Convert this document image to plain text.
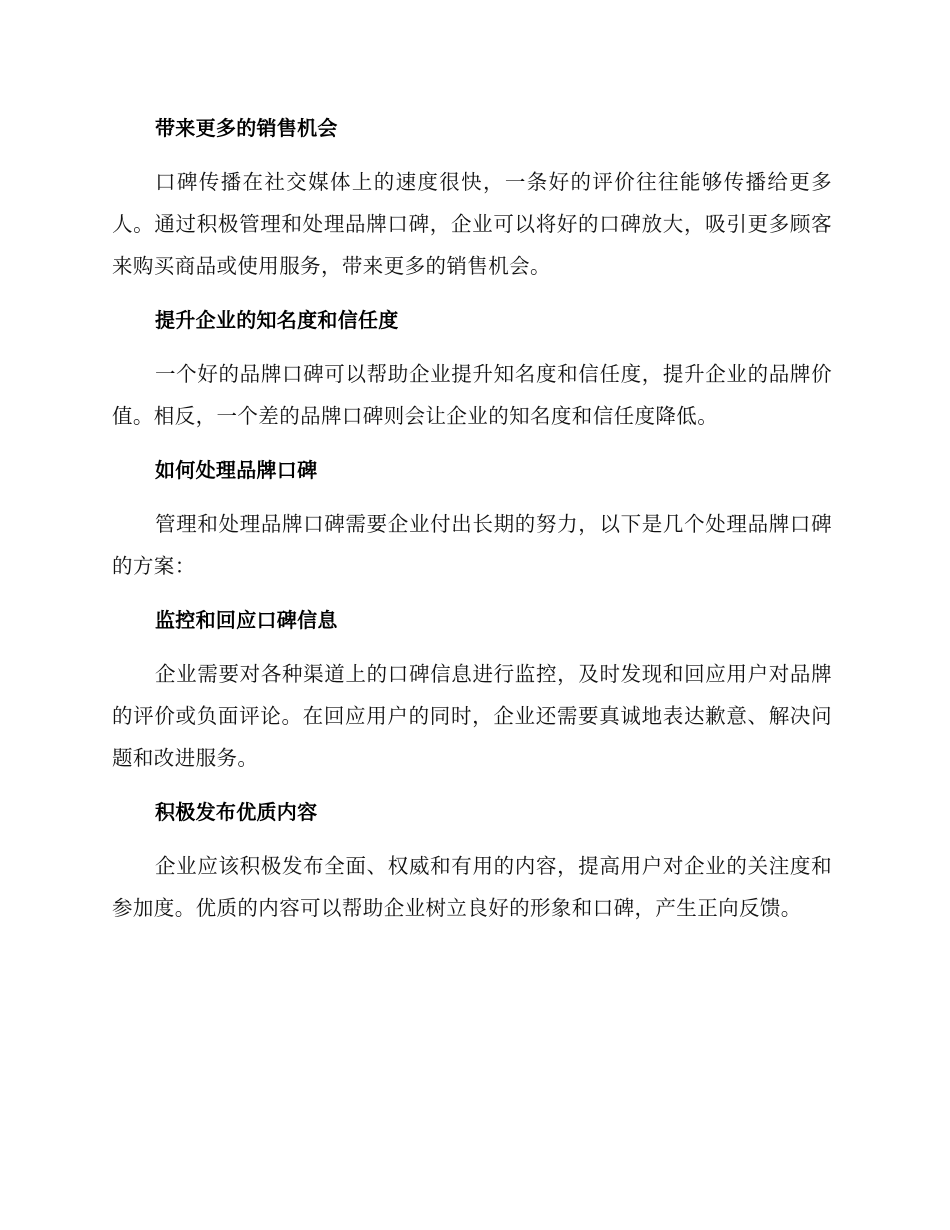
带来更多的销售机会

口碑传播在社交媒体上的速度很快，一条好的评价往往能够传播给更多人。通过积极管理和处理品牌口碑，企业可以将好的口碑放大，吸引更多顾客来购买商品或使用服务，带来更多的销售机会。

提升企业的知名度和信任度

一个好的品牌口碑可以帮助企业提升知名度和信任度，提升企业的品牌价值。相反，一个差的品牌口碑则会让企业的知名度和信任度降低。

如何处理品牌口碑

管理和处理品牌口碑需要企业付出长期的努力，以下是几个处理品牌口碑的方案：

监控和回应口碑信息

企业需要对各种渠道上的口碑信息进行监控，及时发现和回应用户对品牌的评价或负面评论。在回应用户的同时，企业还需要真诚地表达歉意、解决问题和改进服务。

积极发布优质内容

企业应该积极发布全面、权威和有用的内容，提高用户对企业的关注度和参加度。优质的内容可以帮助企业树立良好的形象和口碑，产生正向反馈。
